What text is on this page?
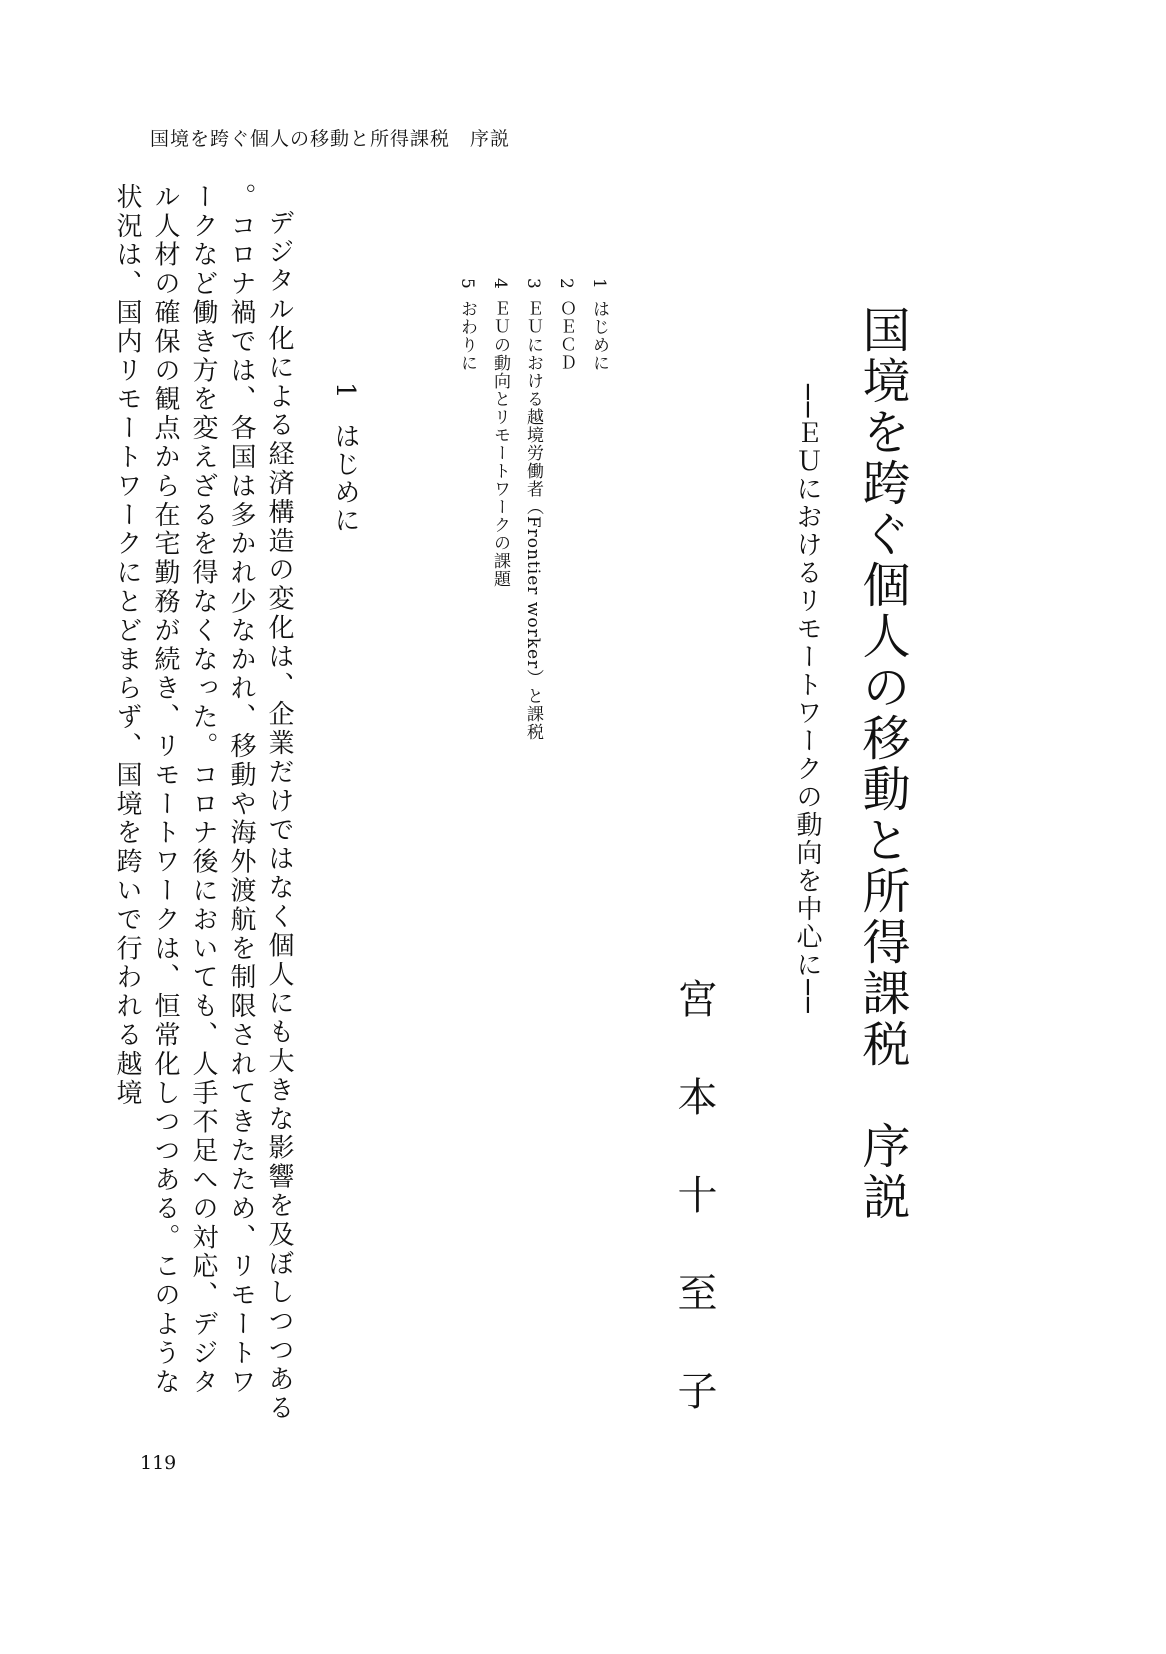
国境を跨ぐ個人の移動と所得課税　序説
国境を跨ぐ個人の移動と所得課税　序説
──ＥＵにおけるリモートワークの動向を中心に──
宮本十至子
1はじめに
2ＯＥＣＤ
3ＥＵにおける越境労働者（Frontier worker）と課税
4ＥＵの動向とリモートワークの課題
5おわりに
1はじめに

デジタル化による経済構造の変化は、企業だけではなく個人にも大きな影響を及ぼしつつある。コロナ禍では、各国は多かれ少なかれ、移動や海外渡航を制限されてきたため、リモートワークなど働き方を変えざるを得なくなった。コロナ後においても、人手不足への対応、デジタル人材の確保の観点から在宅勤務が続き、リモートワークは、恒常化しつつある。このような状況は、国内リモートワークにとどまらず、国境を跨いで行われる越境

119
